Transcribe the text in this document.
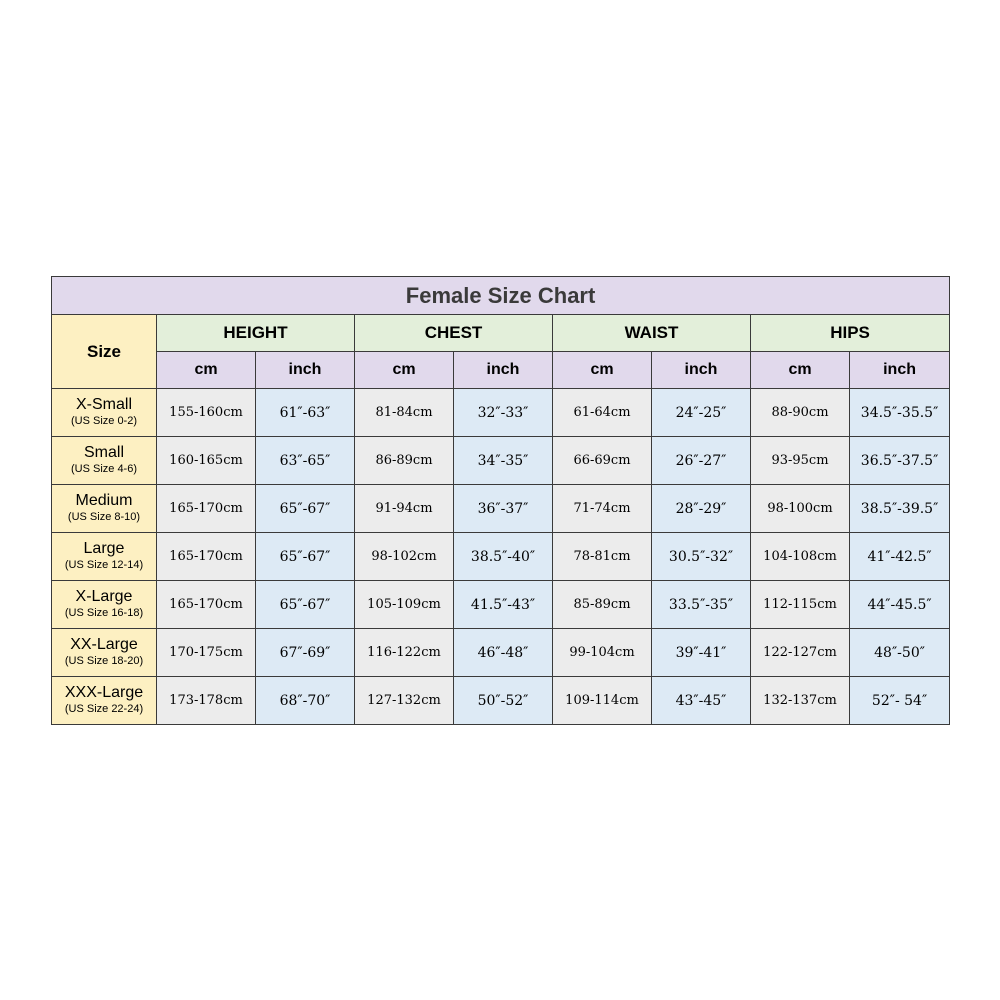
Female Size Chart								
Size	HEIGHT		CHEST		WAIST		HIPS	
	cm	inch	cm	inch	cm	inch	cm	inch

X-Small
(US Size 0-2)	155-160cm	61″-63″	81-84cm	32″-33″	61-64cm	24″-25″	88-90cm	34.5″-35.5″

Small
(US Size 4-6)	160-165cm	63″-65″	86-89cm	34″-35″	66-69cm	26″-27″	93-95cm	36.5″-37.5″

Medium
(US Size 8-10)	165-170cm	65″-67″	91-94cm	36″-37″	71-74cm	28″-29″	98-100cm	38.5″-39.5″

Large
(US Size 12-14)	165-170cm	65″-67″	98-102cm	38.5″-40″	78-81cm	30.5″-32″	104-108cm	41″-42.5″

X-Large
(US Size 16-18)	165-170cm	65″-67″	105-109cm	41.5″-43″	85-89cm	33.5″-35″	112-115cm	44″-45.5″

XX-Large
(US Size 18-20)	170-175cm	67″-69″	116-122cm	46″-48″	99-104cm	39″-41″	122-127cm	48″-50″

XXX-Large
(US Size 22-24)	173-178cm	68″-70″	127-132cm	50″-52″	109-114cm	43″-45″	132-137cm	52″- 54″
